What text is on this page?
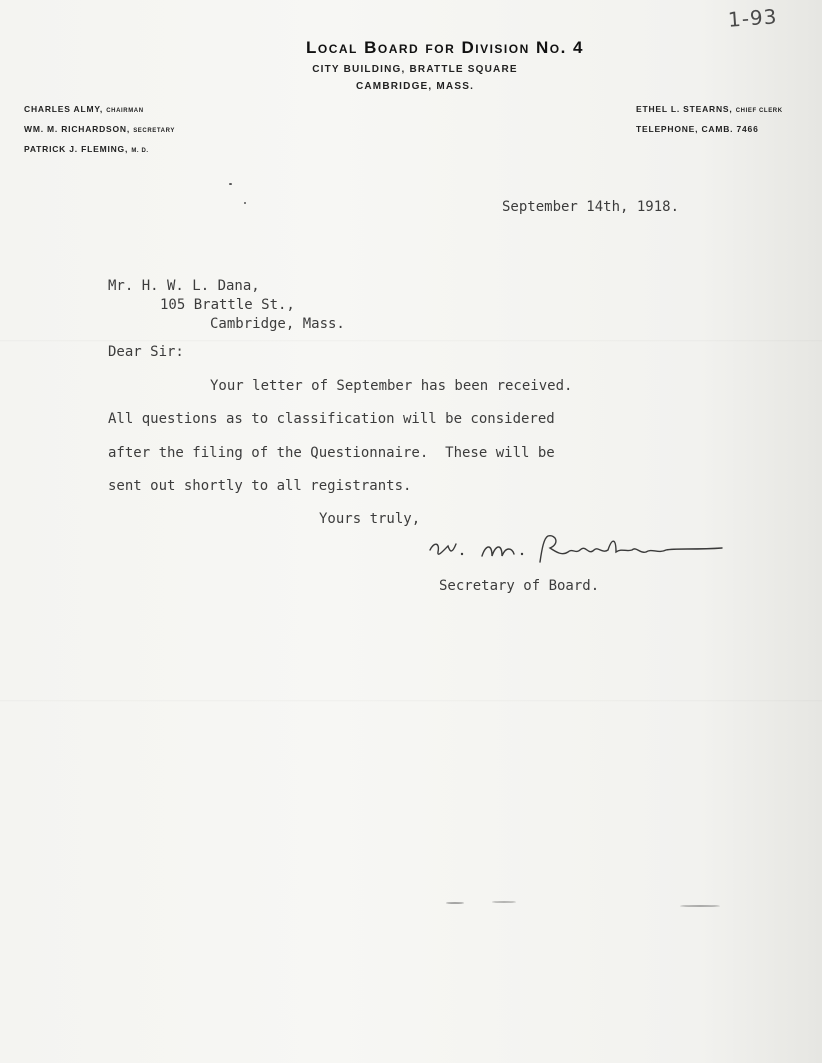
1-93
Local Board for Division No. 4
CITY BUILDING, BRATTLE SQUARE
CAMBRIDGE, MASS.
CHARLES ALMY, CHAIRMAN
WM. M. RICHARDSON, SECRETARY
PATRICK J. FLEMING, M. D.
ETHEL L. STEARNS, CHIEF CLERK
TELEPHONE, CAMB. 7466
September 14th, 1918.
Mr. H. W. L. Dana,
105 Brattle St.,
Cambridge, Mass.
Dear Sir:
Your letter of September has been received.
All questions as to classification will be considered
after the filing of the Questionnaire.  These will be
sent out shortly to all registrants.
Yours truly,
Secretary of Board.
